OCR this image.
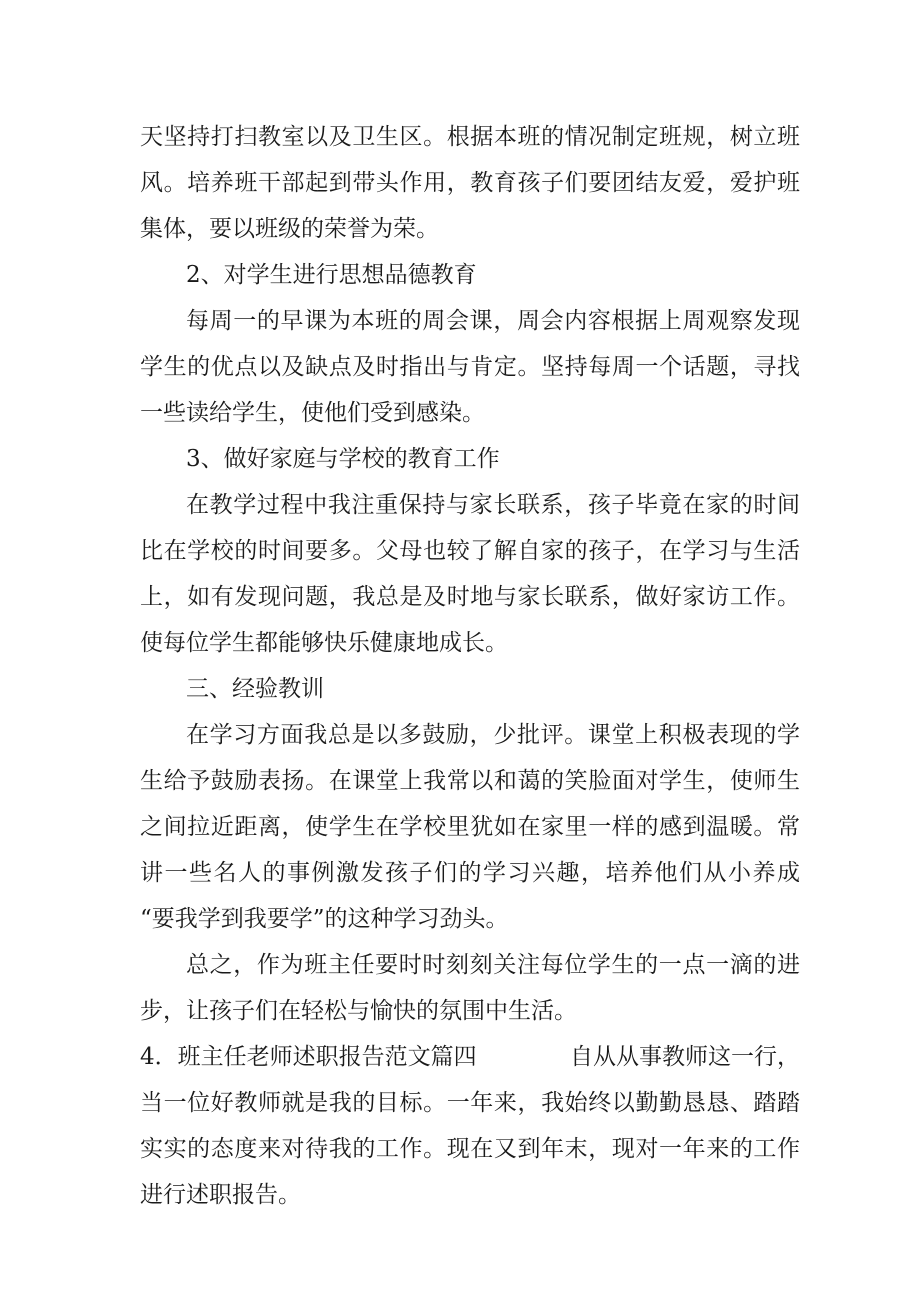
天坚持打扫教室以及卫生区。根据本班的情况制定班规，树立班
风。培养班干部起到带头作用，教育孩子们要团结友爱，爱护班
集体，要以班级的荣誉为荣。
2、对学生进行思想品德教育
每周一的早课为本班的周会课，周会内容根据上周观察发现
学生的优点以及缺点及时指出与肯定。坚持每周一个话题，寻找
一些读给学生，使他们受到感染。
3、做好家庭与学校的教育工作
在教学过程中我注重保持与家长联系，孩子毕竟在家的时间
比在学校的时间要多。父母也较了解自家的孩子，在学习与生活
上，如有发现问题，我总是及时地与家长联系，做好家访工作。
使每位学生都能够快乐健康地成长。
三、经验教训
在学习方面我总是以多鼓励，少批评。课堂上积极表现的学
生给予鼓励表扬。在课堂上我常以和蔼的笑脸面对学生，使师生
之间拉近距离，使学生在学校里犹如在家里一样的感到温暖。常
讲一些名人的事例激发孩子们的学习兴趣，培养他们从小养成
“要我学到我要学”的这种学习劲头。
总之，作为班主任要时时刻刻关注每位学生的一点一滴的进
步，让孩子们在轻松与愉快的氛围中生活。
4．班主任老师述职报告范文篇四	自从从事教师这一行，
当一位好教师就是我的目标。一年来，我始终以勤勤恳恳、踏踏
实实的态度来对待我的工作。现在又到年末，现对一年来的工作
进行述职报告。
